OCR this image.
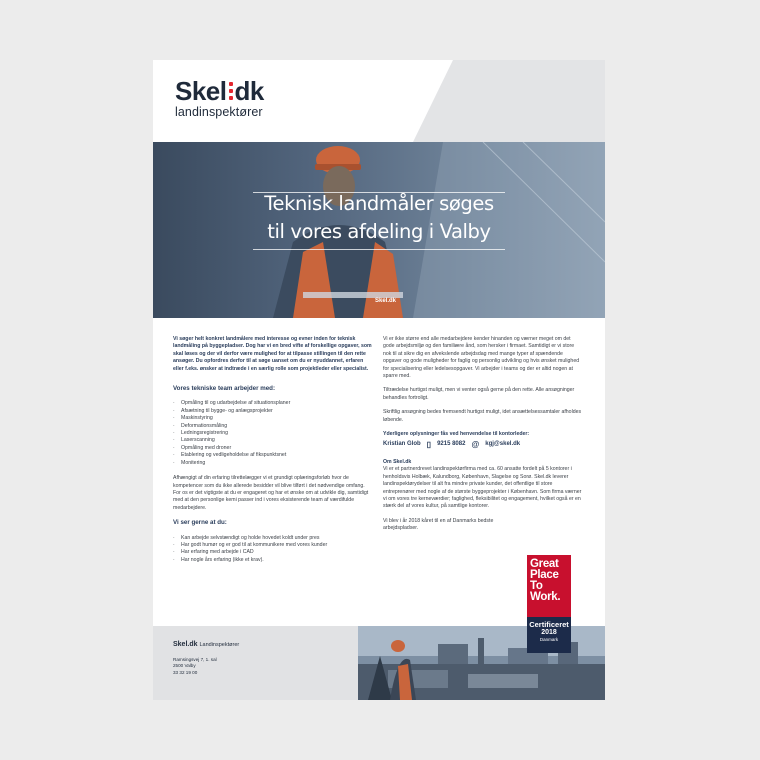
Skel dk
landinspektører
Teknisk landmåler søges
til vores afdeling i Valby
Skel.dk

Vi søger helt konkret landmålere med interesse og evner inden for teknisk landmåling på byggepladser. Dog har vi en bred vifte af forskellige opgaver, som skal løses og der vil derfor være mulighed for at tilpasse stillingen til den rette ansøger. Du opfordres derfor til at søge uanset om du er nyuddannet, erfaren eller f.eks. ønsker at indtræde i en særlig rolle som projektleder eller specialist.

Vores tekniske team arbejder med:
· Opmåling til og udarbejdelse af situationsplaner
· Afsætning til bygge- og anlægsprojekter
· Maskinstyring
· Deformationsmåling
· Ledningsregistrering
· Laserscanning
· Opmåling med droner
· Etablering og vedligeholdelse af fikspunktsnet
· Monitering

Afhængigt af din erfaring tilrettelægger vi et grundigt oplæringsforløb hvor de kompetencer som du ikke allerede besidder vil blive tilført i det nødvendige omfang. For os er det vigtigste at du er engageret og har et ønske om at udvikle dig, samtidigt med at den personlige kemi passer ind i vores eksisterende team af værdifulde medarbejdere.

Vi ser gerne at du:
· Kan arbejde selvstændigt og holde hovedet koldt under pres
· Har godt humør og er god til at kommunikere med vores kunder
· Har erfaring med arbejde i CAD
· Har nogle års erfaring (ikke et krav).

Vi er ikke større end alle medarbejdere kender hinanden og værner meget om det gode arbejdsmiljø og den familiære ånd, som hersker i firmaet. Samtidigt er vi store nok til at sikre dig en afvekslende arbejdsdag med mange typer af spændende opgaver og gode muligheder for faglig og personlig udvikling og hvis ønsket mulighed for specialisering eller ledelsesopgaver. Vi arbejder i teams og der er altid nogen at sparre med.

Tiltrædelse hurtigst muligt, men vi venter også gerne på den rette. Alle ansøgninger behandles fortroligt.

Skriftlig ansøgning bedes fremsendt hurtigst muligt, idet ansættelsessamtaler afholdes løbende.

Yderligere oplysninger fås ved henvendelse til kontorleder:
Kristian Glob ▯ 9215 8082 @ kgj@skel.dk
Om Skel.dk

Vi er et partnerdrevet landinspektørfirma med ca. 60 ansatte fordelt på 5 kontorer i henholdsvis Holbæk, Kalundborg, København, Slagelse og Sorø. Skel.dk leverer landinspektørydelser til alt fra mindre private kunder, det offentlige til store entreprenører med nogle af de største byggeprojekter i København. Som firma værner vi om vores tre kerneværdier; faglighed, fleksibilitet og engagement, hvilket også er en stærk del af vores kultur, på samtlige kontorer.

Vi blev i år 2018 kåret til en af Danmarks bedste arbejdspladser.

Skel.dk Landinspektører
Ramsingsvej 7, 1. sal
2500 Valby
33 32 19 00
Great
Place
To
Work.
Certificeret
2018
Danmark
